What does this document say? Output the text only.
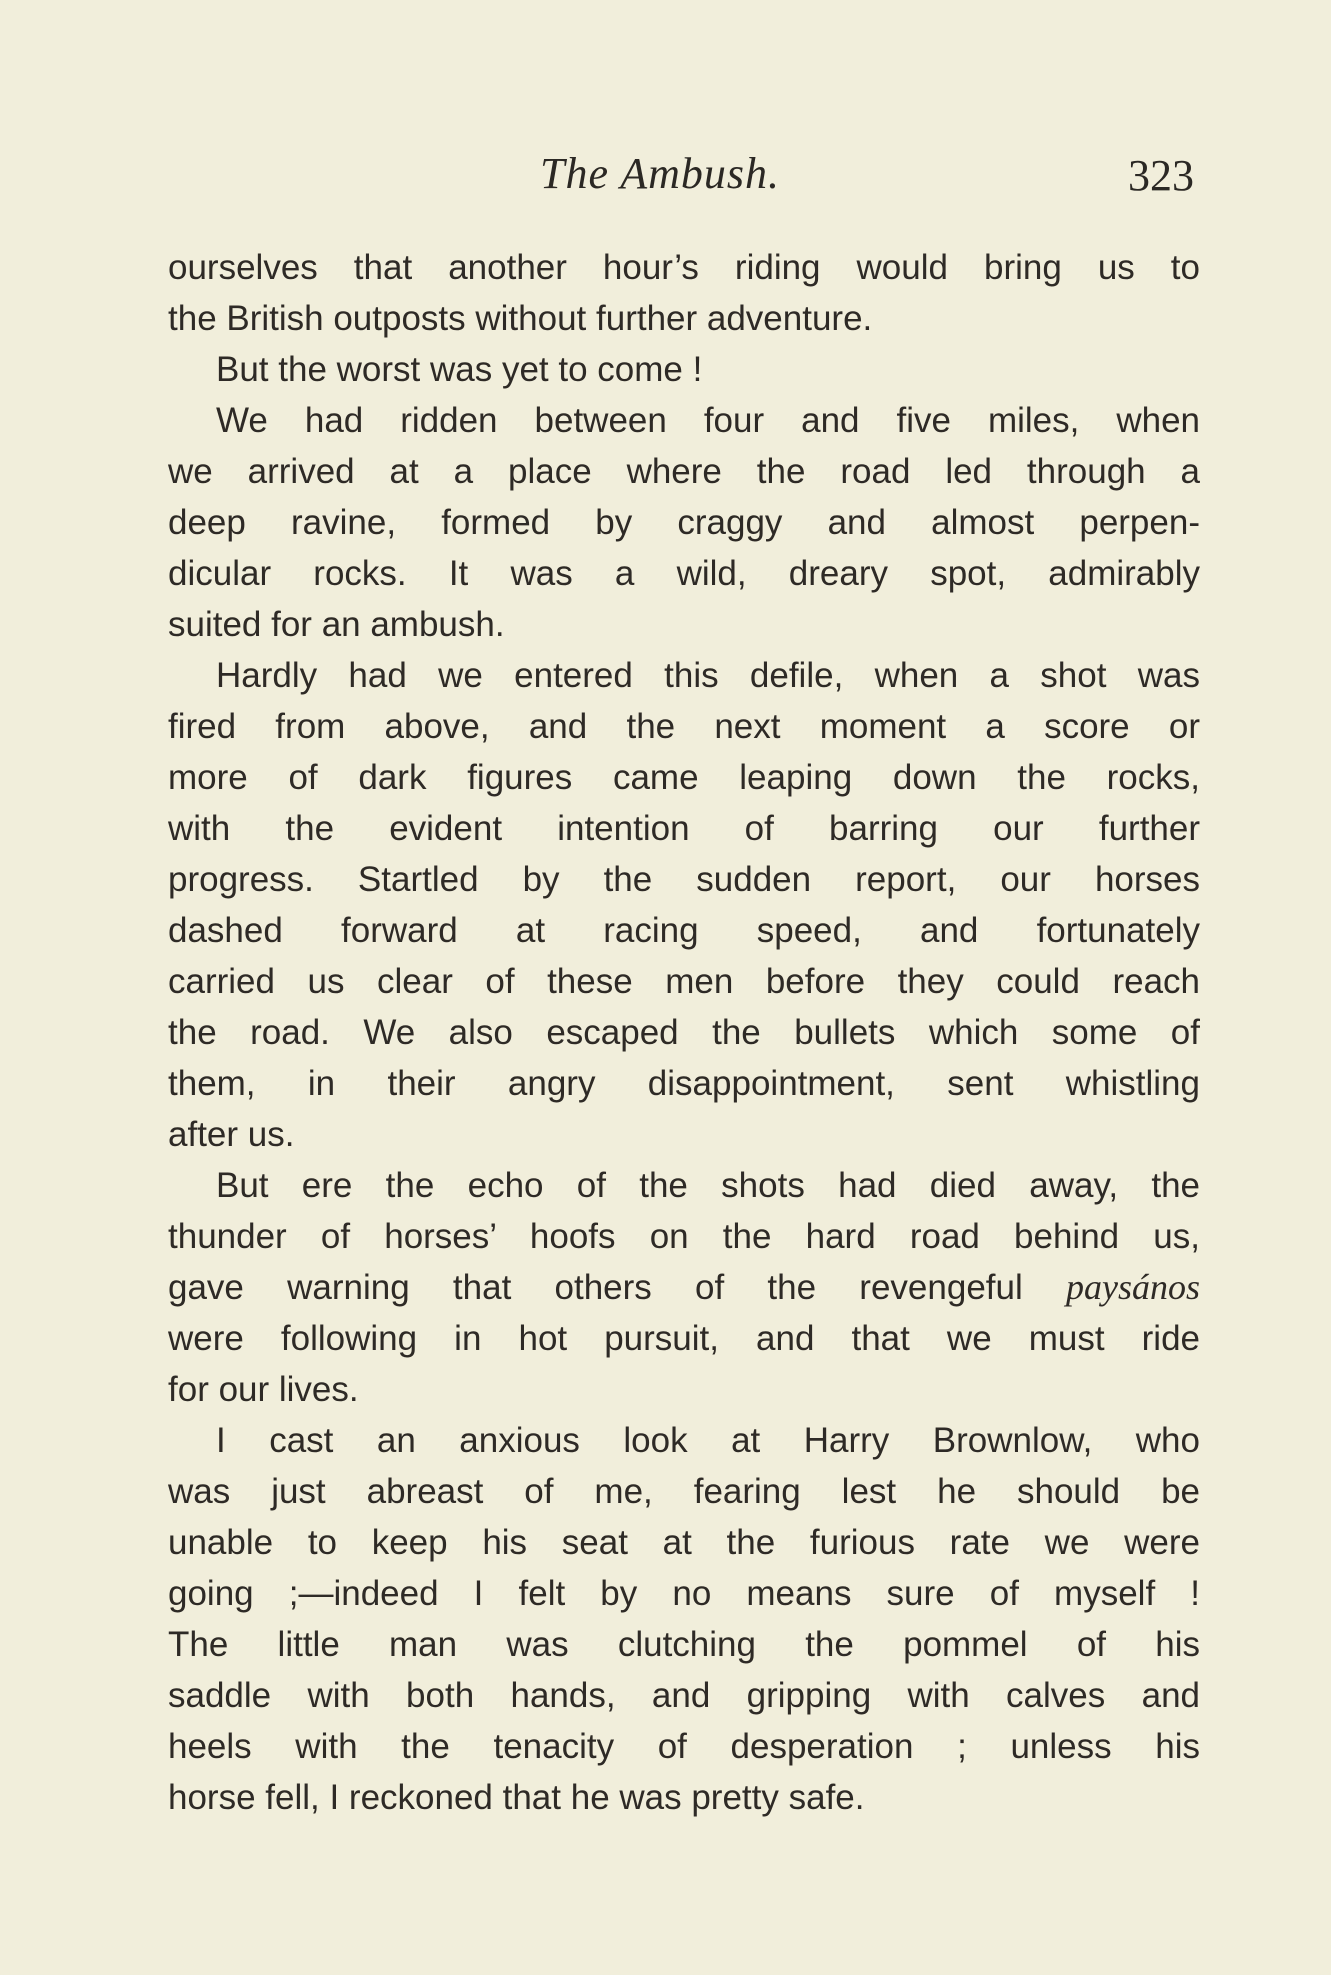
The Ambush.	323
ourselves that another hour’s riding would bring us to
the British outposts without further adventure.
But the worst was yet to come !
We had ridden between four and five miles, when
we arrived at a place where the road led through a
deep ravine, formed by craggy and almost perpen-
dicular rocks. It was a wild, dreary spot, admirably
suited for an ambush.
Hardly had we entered this defile, when a shot was
fired from above, and the next moment a score or
more of dark figures came leaping down the rocks,
with the evident intention of barring our further
progress. Startled by the sudden report, our horses
dashed forward at racing speed, and fortunately
carried us clear of these men before they could reach
the road. We also escaped the bullets which some of
them, in their angry disappointment, sent whistling
after us.
But ere the echo of the shots had died away, the
thunder of horses’ hoofs on the hard road behind us,
gave warning that others of the revengeful paysános
were following in hot pursuit, and that we must ride
for our lives.
I cast an anxious look at Harry Brownlow, who
was just abreast of me, fearing lest he should be
unable to keep his seat at the furious rate we were
going ;—indeed I felt by no means sure of myself !
The little man was clutching the pommel of his
saddle with both hands, and gripping with calves and
heels with the tenacity of desperation ; unless his
horse fell, I reckoned that he was pretty safe.
